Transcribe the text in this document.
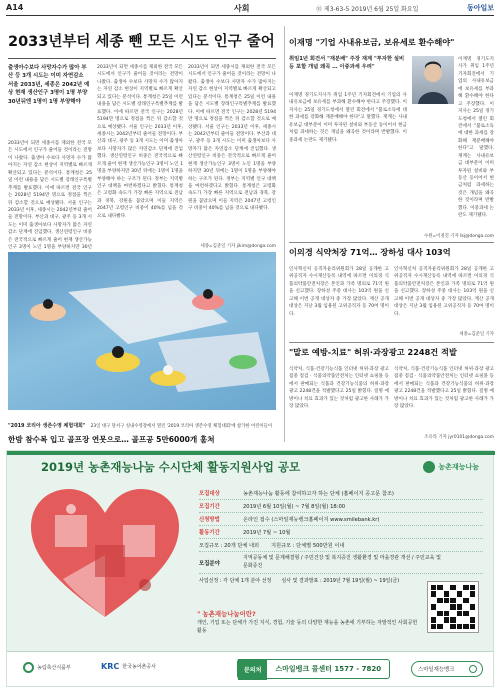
A14	사회	㉛ 제3-63-5 2019년 6월 25일 화요일	동아일보
2033년부터 세종 뺀 모든 시도 인구 줄어
출생아수보다 사망자수가 많아 부산 등 3개 시도는 이미 자연감소 서울 2033년, 세종은 2042년 예상 현재 생산인구 3명이 1명 부양 30년뒤엔 1명이 1명 부양해야
2033년이 되면 세종시를 제외한 전국 모든 시도에서 인구가 줄어들 것이라는 전망이 나왔다. 출생아 수보다 사망자 수가 많아지는 자연 감소 현상이 지역별로 빠르게 확산되고 있다는 분석이다. 통계청은 25일 이런 내용을 담은 시도별 장래인구특별추계를 발표했다. 이에 따르면 전국 인구는 2028년 5194만 명으로 정점을 찍은 뒤 감소할 것으로 예상됐다. 서울 인구는 2033년 이후, 세종시는 2042년부터 줄어들 전망이다. 부산과 대구, 광주 등 3개 시도는 이미 출생아보다 사망자가 많은 자연감소 단계에 진입했다. 생산연령인구 비중은 전국적으로 빠르게 줄어 현재 생산가능인구 3명이 노인 1명을 부양하지만 30년
2033년이 되면 세종시를 제외한 전국 모든 시도에서 인구가 줄어들 것이라는 전망이 나왔다. 출생아 수보다 사망자 수가 많아지는 자연 감소 현상이 지역별로 빠르게 확산되고 있다는 분석이다. 통계청은 25일 이런 내용을 담은 시도별 장래인구특별추계를 발표했다. 이에 따르면 전국 인구는 2028년 5194만 명으로 정점을 찍은 뒤 감소할 것으로 예상됐다. 서울 인구는 2033년 이후, 세종시는 2042년부터 줄어들 전망이다. 부산과 대구, 광주 등 3개 시도는 이미 출생아보다 사망자가 많은 자연감소 단계에 진입했다. 생산연령인구 비중은 전국적으로 빠르게 줄어 현재 생산가능인구 3명이 노인 1명을 부양하지만 30년 뒤에는 1명이 1명을 부양해야 하는 구조가 된다. 정부는 지역별 인구 대책을 마련하겠다고 밝혔다. 통계청은 고령화 속도가 가장 빠른 지역으로 전남과 경북, 강원을 꼽았으며 이들 지역은 2047년 고령인구 비중이 40%를 넘을 것으로 내다봤다.
2033년이 되면 세종시를 제외한 전국 모든 시도에서 인구가 줄어들 것이라는 전망이 나왔다. 출생아 수보다 사망자 수가 많아지는 자연 감소 현상이 지역별로 빠르게 확산되고 있다는 분석이다. 통계청은 25일 이런 내용을 담은 시도별 장래인구특별추계를 발표했다. 이에 따르면 전국 인구는 2028년 5194만 명으로 정점을 찍은 뒤 감소할 것으로 예상됐다. 서울 인구는 2033년 이후, 세종시는 2042년부터 줄어들 전망이다. 부산과 대구, 광주 등 3개 시도는 이미 출생아보다 사망자가 많은 자연감소 단계에 진입했다. 생산연령인구 비중은 전국적으로 빠르게 줄어 현재 생산가능인구 3명이 노인 1명을 부양하지만 30년 뒤에는 1명이 1명을 부양해야 하는 구조가 된다. 정부는 지역별 인구 대책을 마련하겠다고 밝혔다. 통계청은 고령화 속도가 가장 빠른 지역으로 전남과 경북, 강원을 꼽았으며 이들 지역은 2047년 고령인구 비중이 40%를 넘을 것으로 내다봤다.
세종=김준일 기자 jikim@donga.com
"2019 코리아 생존수영 체험대회" 23일 대구 달서구 실내수영장에서 열린 '2019 코리아 생존수영 체험대회'에 참가한 어린이들이
이재명 "기업 사내유보금, 보유세로 환수해야"
취임1년 회견서 "재분배" 주장 재계 "투자한 설비 등 포함 개념 왜곡 … 이중과세 우려"
이재명 경기도지사가 취임 1주년 기자회견에서 기업의 사내유보금에 보유세를 부과해 환수해야 한다고 주장했다. 이 지사는 25일 경기도청에서 열린 회견에서 "불로소득에 대한 과세를 강화해 재분배해야 한다"고 말했다. 재계는 사내유보금 대부분이 이미 투자된 설비와 부동산 등이어서 현금처럼 과세하는 것은 개념을 왜곡한 것이라며 반발했다. 이중과세 논란도 제기됐다.
이재명 경기도지사가 취임 1주년 기자회견에서 기업의 사내유보금에 보유세를 부과해 환수해야 한다고 주장했다. 이 지사는 25일 경기도청에서 열린 회견에서 "불로소득에 대한 과세를 강화해 재분배해야 한다"고 말했다. 재계는 사내유보금 대부분이 이미 투자된 설비와 부동산 등이어서 현금처럼 과세하는 것은 개념을 왜곡한 것이라며 반발했다. 이중과세 논란도 제기됐다.
수원=이경진 기자 lkj@donga.com
이의경 식약처장 71억… 장하성 대사 103억
인사혁신처 공직자윤리위원회가 28일 공개한 고위공직자 수시재산등록 내역에 따르면 이의경 식품의약품안전처장은 본인과 가족 명의로 71억 원을 신고했다. 장하성 주중 대사는 103억 원을 신고해 이번 공개 대상자 중 가장 많았다. 재산 공개 대상은 지난 3월 임용된 고위공직자 등 70여 명이다.
인사혁신처 공직자윤리위원회가 28일 공개한 고위공직자 수시재산등록 내역에 따르면 이의경 식품의약품안전처장은 본인과 가족 명의로 71억 원을 신고했다. 장하성 주중 대사는 103억 원을 신고해 이번 공개 대상자 중 가장 많았다. 재산 공개 대상은 지난 3월 임용된 고위공직자 등 70여 명이다.
세종=김준일 기자
"말로 예방-치료" 허위·과장광고 2248건 적발
식약처, 식품·건강기능식품 인터넷 허위·과장 광고 집중 점검 · 식품의약품안전처는 인터넷 쇼핑몰 등에서 판매되는 식품과 건강기능식품의 허위·과장 광고 2248건을 적발했다고 25일 밝혔다. 질병 예방이나 치료 효과가 있는 것처럼 광고한 사례가 가장 많았다.
식약처, 식품·건강기능식품 인터넷 허위·과장 광고 집중 점검 · 식품의약품안전처는 인터넷 쇼핑몰 등에서 판매되는 식품과 건강기능식품의 허위·과장 광고 2248건을 적발했다고 25일 밝혔다. 질병 예방이나 치료 효과가 있는 것처럼 광고한 사례가 가장 많았다.
조유라 기자 jyr0101@donga.com
2019년 농촌재능나눔 수시단체 활동지원사업 공모	농촌재능나눔
모집대상	농촌재능나눔 활동에 참여하고자 하는 단체 (홈페이지 공고문 참조)
모집기간	2019년 6월 10일(월) ~ 7월 8일(월) 18:00
신청방법	온라인 접수 (스마일재능뱅크홈페이지 www.smilebank.kr)
활동기간	2019년 7월 ~ 10월
모집규모 : 20개 단체 내외 지원규모 : 단체별 500만원 이내
모집분야
지역공동체 및 문제해결형 / 주민건강 및 복지증진 생활환경 및 마을경관 개선 / 주민교육 및 문화증진
사업선정 : 각 단체 1개 분야 선정 심사 및 결과발표 : 2019년 7월 19일(월) ~ 19일(금)
" 농촌재능나눔이란?
개인, 기업 또는 단체가 가진 지식, 경험, 기술 등의 다양한 재능을 농촌에 기부하는 자발적인 사회공헌활동
농림축산식품부	KRC 한국농어촌공사	문의처	스마일뱅크 콜센터 1577 - 7820	스마일재능뱅크
한밤 참수복 입고 골프장 연못으로… 골프공 5만6000개 훔쳐
